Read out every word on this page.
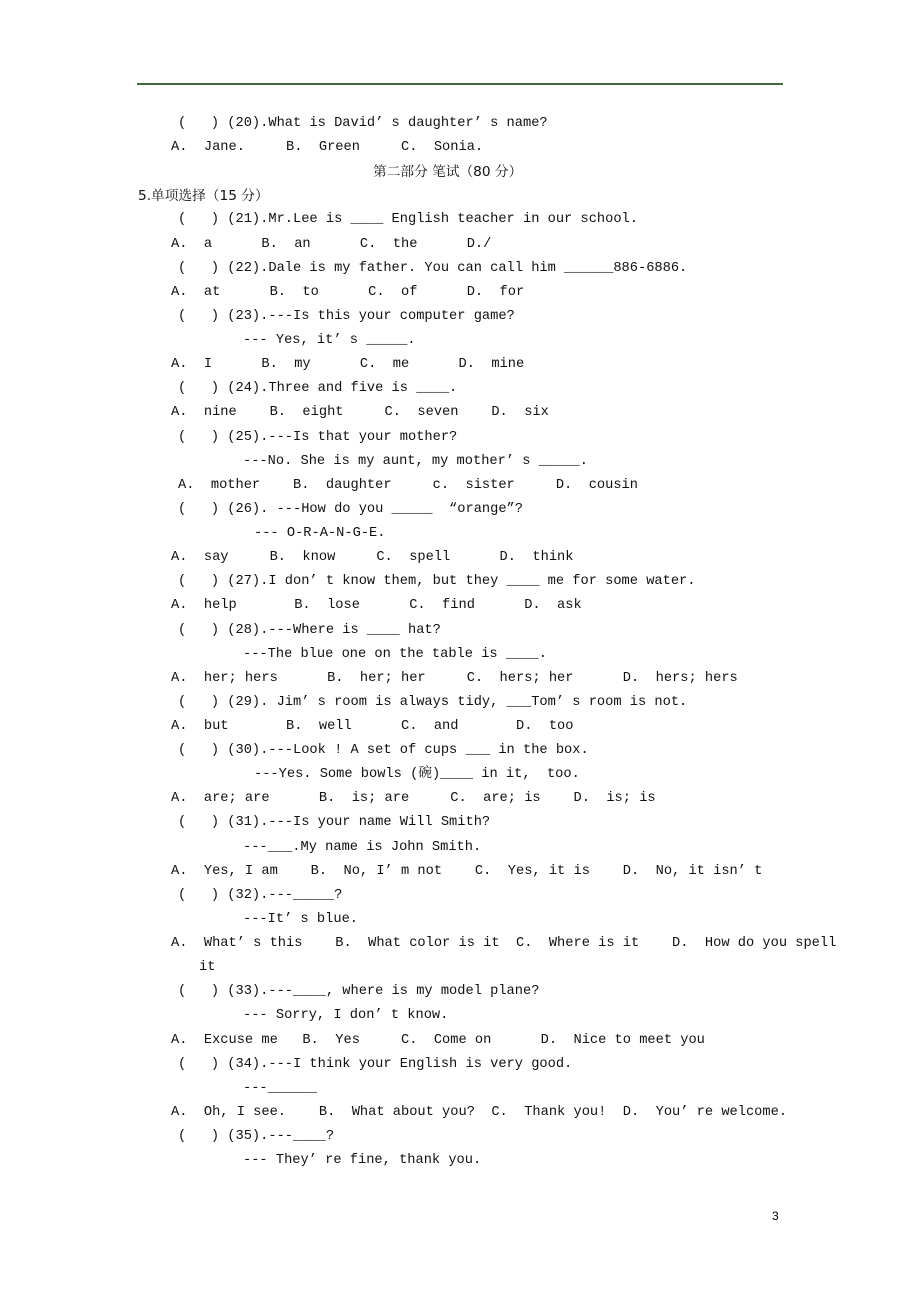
(   ) (20).What is David’ s daughter’ s name?
A.  Jane.     B.  Green     C.  Sonia.
第二部分 笔试（80 分）
5.单项选择（15 分）
(   ) (21).Mr.Lee is ____ English teacher in our school.
A.  a      B.  an      C.  the      D./
(   ) (22).Dale is my father. You can call him ______886-6886.
A.  at      B.  to      C.  of      D.  for
(   ) (23).---Is this your computer game?
--- Yes, it’ s _____.
A.  I      B.  my      C.  me      D.  mine
(   ) (24).Three and five is ____.
A.  nine    B.  eight     C.  seven    D.  six
(   ) (25).---Is that your mother?
---No. She is my aunt, my mother’ s _____.
A.  mother    B.  daughter     c.  sister     D.  cousin
(   ) (26). ---How do you _____  “orange”?
--- O-R-A-N-G-E.
A.  say     B.  know     C.  spell      D.  think
(   ) (27).I don’ t know them, but they ____ me for some water.
A.  help       B.  lose      C.  find      D.  ask
(   ) (28).---Where is ____ hat?
---The blue one on the table is ____.
A.  her; hers      B.  her; her     C.  hers; her      D.  hers; hers
(   ) (29). Jim’ s room is always tidy, ___Tom’ s room is not.
A.  but       B.  well      C.  and       D.  too
(   ) (30).---Look ! A set of cups ___ in the box.
---Yes. Some bowls (碗)____ in it,  too.
A.  are; are      B.  is; are     C.  are; is    D.  is; is
(   ) (31).---Is your name Will Smith?
---___.My name is John Smith.
A.  Yes, I am    B.  No, I’ m not    C.  Yes, it is    D.  No, it isn’ t
(   ) (32).---_____?
---It’ s blue.
A.  What’ s this    B.  What color is it  C.  Where is it    D.  How do you spell
it
(   ) (33).---____, where is my model plane?
--- Sorry, I don’ t know.
A.  Excuse me   B.  Yes     C.  Come on      D.  Nice to meet you
(   ) (34).---I think your English is very good.
---______
A.  Oh, I see.    B.  What about you?  C.  Thank you!  D.  You’ re welcome.
(   ) (35).---____?
--- They’ re fine, thank you.
3
